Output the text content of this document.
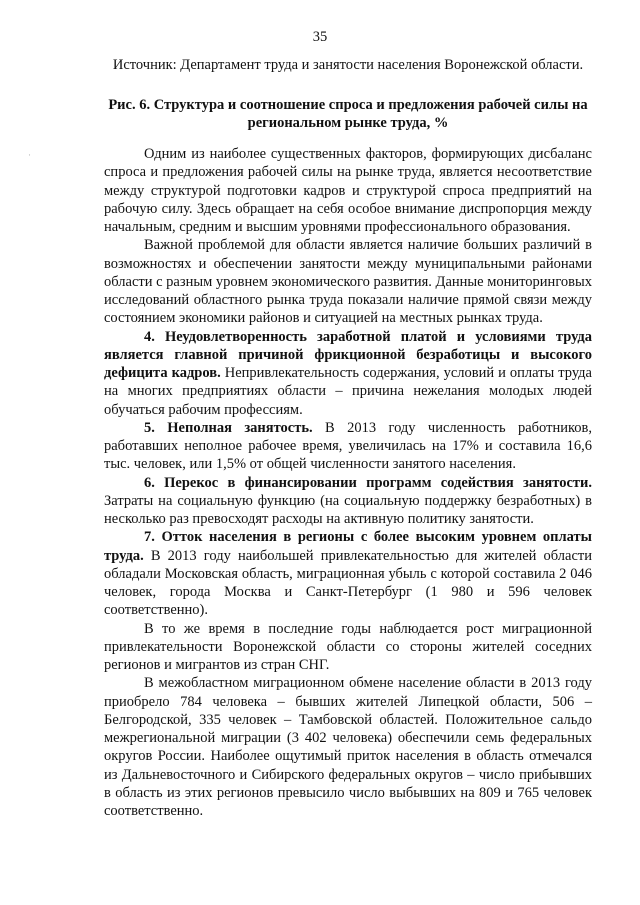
35
Источник: Департамент труда и занятости населения Воронежской области.
Рис. 6. Структура и соотношение спроса и предложения рабочей силы на региональном рынке труда, %
·	Одним из наиболее существенных факторов, формирующих дисбаланс спроса и предложения рабочей силы на рынке труда, является несоответствие между структурой подготовки кадров и структурой спроса предприятий на рабочую силу. Здесь обращает на себя особое внимание диспропорция между начальным, средним и высшим уровнями профессионального образования.

Важной проблемой для области является наличие больших различий в возможностях и обеспечении занятости между муниципальными районами области с разным уровнем экономического развития. Данные мониторинговых исследований областного рынка труда показали наличие прямой связи между состоянием экономики районов и ситуацией на местных рынках труда.

4. Неудовлетворенность заработной платой и условиями труда является главной причиной фрикционной безработицы и высокого дефицита кадров. Непривлекательность содержания, условий и оплаты труда на многих предприятиях области – причина нежелания молодых людей обучаться рабочим профессиям.

5. Неполная занятость. В 2013 году численность работников, работавших неполное рабочее время, увеличилась на 17% и составила 16,6 тыс. человек, или 1,5% от общей численности занятого населения.

6. Перекос в финансировании программ содействия занятости. Затраты на социальную функцию (на социальную поддержку безработных) в несколько раз превосходят расходы на активную политику занятости.

7. Отток населения в регионы с более высоким уровнем оплаты труда. В 2013 году наибольшей привлекательностью для жителей области обладали Московская область, миграционная убыль с которой составила 2 046 человек, города Москва и Санкт-Петербург (1 980 и 596 человек соответственно).

В то же время в последние годы наблюдается рост миграционной привлекательности Воронежской области со стороны жителей соседних регионов и мигрантов из стран СНГ.

В межобластном миграционном обмене население области в 2013 году приобрело 784 человека – бывших жителей Липецкой области, 506 – Белгородской, 335 человек – Тамбовской областей. Положительное сальдо межрегиональной миграции (3 402 человека) обеспечили семь федеральных округов России. Наиболее ощутимый приток населения в область отмечался из Дальневосточного и Сибирского федеральных округов – число прибывших в область из этих регионов превысило число выбывших на 809 и 765 человек соответственно.
